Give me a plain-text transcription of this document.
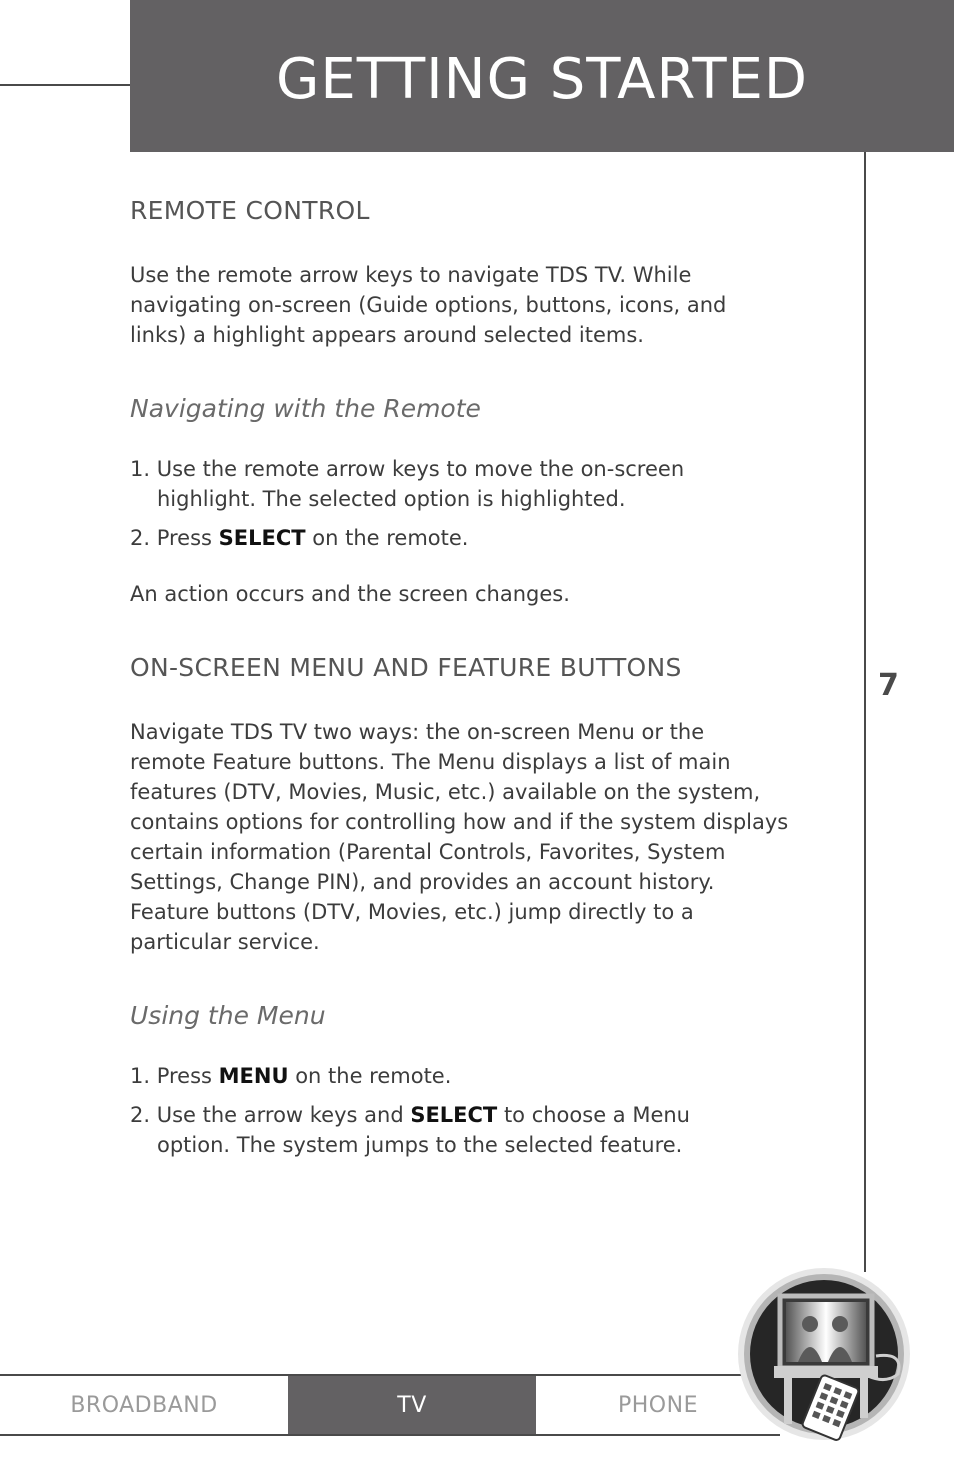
GETTING STARTED
7
REMOTE CONTROL

Use the remote arrow keys to navigate TDS TV. While
navigating on-screen (Guide options, buttons, icons, and
links) a highlight appears around selected items.

Navigating with the Remote
1. Use the remote arrow keys to move the on-screen
highlight. The selected option is highlighted.
2. Press SELECT on the remote.

An action occurs and the screen changes.

ON-SCREEN MENU AND FEATURE BUTTONS

Navigate TDS TV two ways: the on-screen Menu or the
remote Feature buttons. The Menu displays a list of main
features (DTV, Movies, Music, etc.) available on the system,
contains options for controlling how and if the system displays
certain information (Parental Controls, Favorites, System
Settings, Change PIN), and provides an account history.
Feature buttons (DTV, Movies, etc.) jump directly to a
particular service.

Using the Menu
1. Press MENU on the remote.
2. Use the arrow keys and SELECT to choose a Menu
option. The system jumps to the selected feature.
BROADBAND	TV	PHONE
